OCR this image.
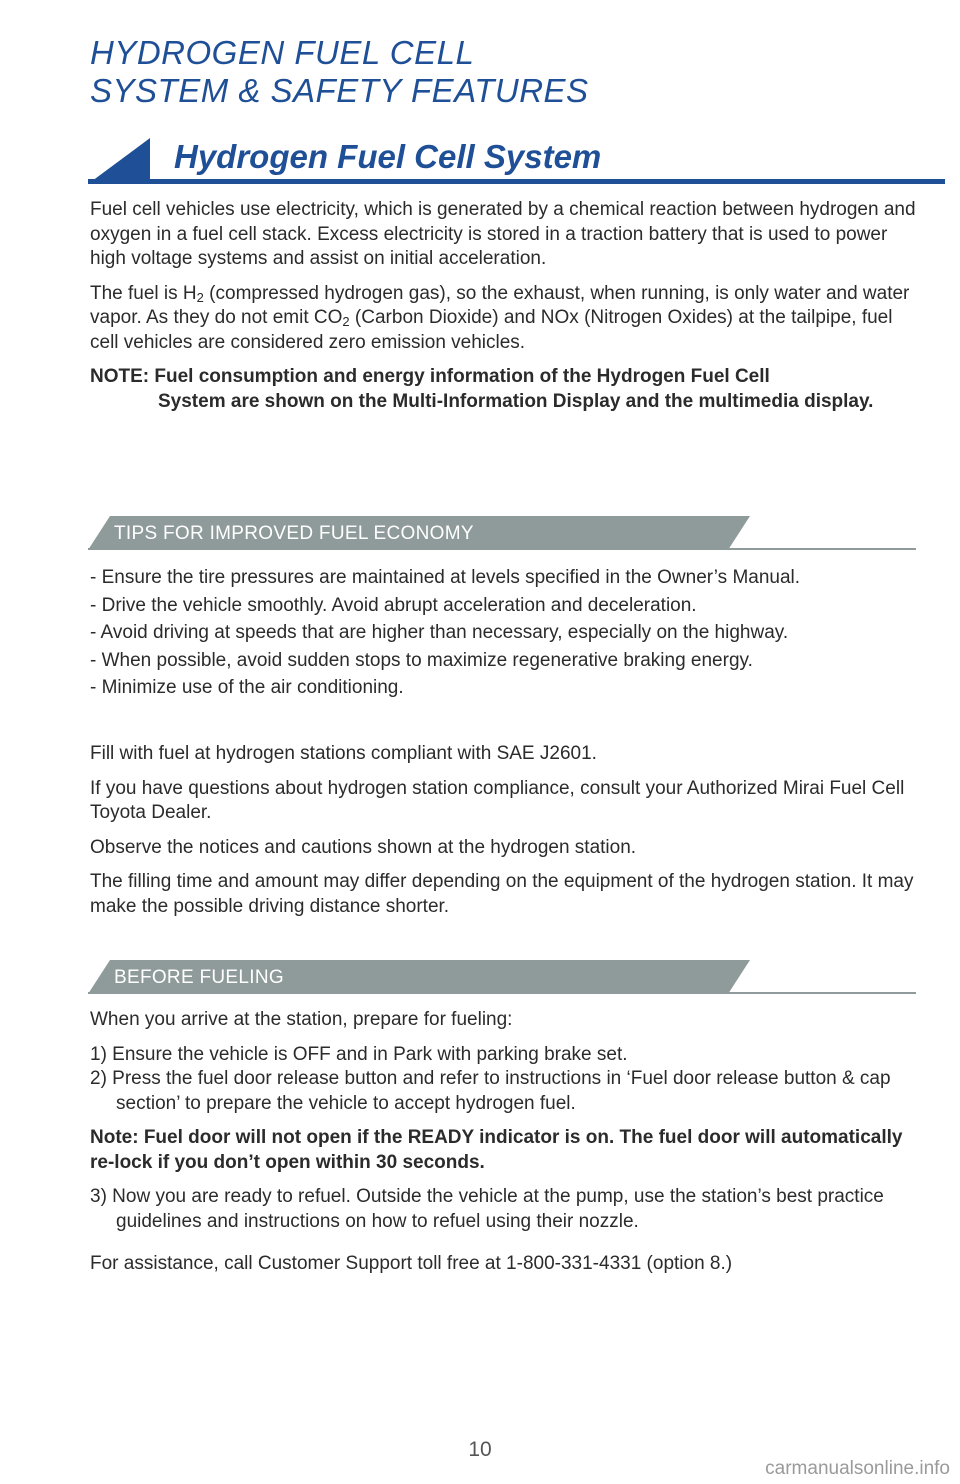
HYDROGEN FUEL CELL
SYSTEM & SAFETY FEATURES
Hydrogen Fuel Cell System

Fuel cell vehicles use electricity, which is generated by a chemical reaction between hydrogen and oxygen in a fuel cell stack. Excess electricity is stored in a traction battery that is used to power high voltage systems and assist on initial acceleration.

The fuel is $H_2$ (compressed hydrogen gas), so the exhaust, when running, is only water and water vapor. As they do not emit $CO_2$ (Carbon Dioxide) and NOx (Nitrogen Oxides) at the tailpipe, fuel cell vehicles are considered zero emission vehicles.

NOTE: Fuel consumption and energy information of the Hydrogen Fuel Cell
System are shown on the Multi-Information Display and the multimedia display.

TIPS FOR IMPROVED FUEL ECONOMY
- Ensure the tire pressures are maintained at levels specified in the Owner’s Manual.
- Drive the vehicle smoothly. Avoid abrupt acceleration and deceleration.
- Avoid driving at speeds that are higher than necessary, especially on the highway.
- When possible, avoid sudden stops to maximize regenerative braking energy.
- Minimize use of the air conditioning.

Fill with fuel at hydrogen stations compliant with SAE J2601.

If you have questions about hydrogen station compliance, consult your Authorized Mirai Fuel Cell Toyota Dealer.

Observe the notices and cautions shown at the hydrogen station.

The filling time and amount may differ depending on the equipment of the hydrogen station. It may make the possible driving distance shorter.

BEFORE FUELING

When you arrive at the station, prepare for fueling:

1) Ensure the vehicle is OFF and in Park with parking brake set.
2) Press the fuel door release button and refer to instructions in ‘Fuel door release button & cap section’ to prepare the vehicle to accept hydrogen fuel.

Note: Fuel door will not open if the READY indicator is on. The fuel door will automatically re-lock if you don’t open within 30 seconds.

3) Now you are ready to refuel. Outside the vehicle at the pump, use the station’s best practice guidelines and instructions on how to refuel using their nozzle.

For assistance, call Customer Support toll free at 1-800-331-4331 (option 8.)

10
carmanualsonline.info
